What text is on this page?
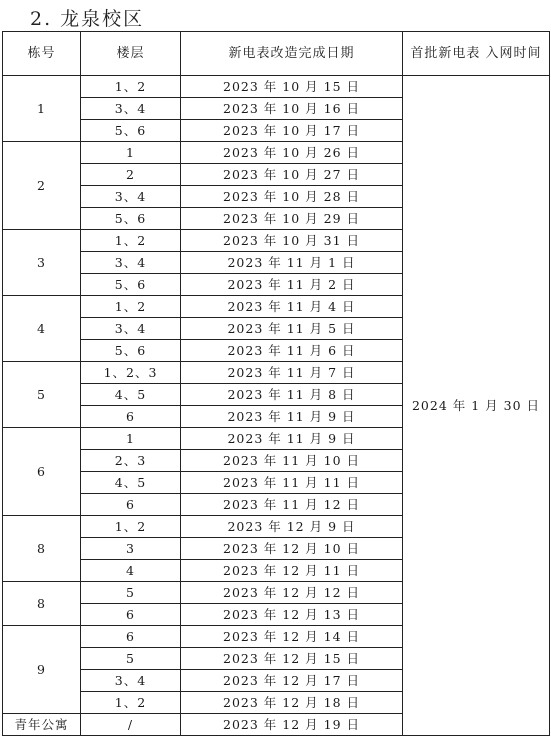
2. 龙泉校区
栋号	楼层	新电表改造完成日期	首批新电表 入网时间
1	1、2	2023 年 10 月 15 日	2024 年 1 月 30 日
	3、4	2023 年 10 月 16 日	
	5、6	2023 年 10 月 17 日	
2	1	2023 年 10 月 26 日	
	2	2023 年 10 月 27 日	
	3、4	2023 年 10 月 28 日	
	5、6	2023 年 10 月 29 日	
3	1、2	2023 年 10 月 31 日	
	3、4	2023 年 11 月 1 日	
	5、6	2023 年 11 月 2 日	
4	1、2	2023 年 11 月 4 日	
	3、4	2023 年 11 月 5 日	
	5、6	2023 年 11 月 6 日	
5	1、2、3	2023 年 11 月 7 日	
	4、5	2023 年 11 月 8 日	
	6	2023 年 11 月 9 日	
6	1	2023 年 11 月 9 日	
	2、3	2023 年 11 月 10 日	
	4、5	2023 年 11 月 11 日	
	6	2023 年 11 月 12 日	
8	1、2	2023 年 12 月 9 日	
	3	2023 年 12 月 10 日	
	4	2023 年 12 月 11 日	
8	5	2023 年 12 月 12 日	
	6	2023 年 12 月 13 日	
9	6	2023 年 12 月 14 日	
	5	2023 年 12 月 15 日	
	3、4	2023 年 12 月 17 日	
	1、2	2023 年 12 月 18 日	
青年公寓	/	2023 年 12 月 19 日	
